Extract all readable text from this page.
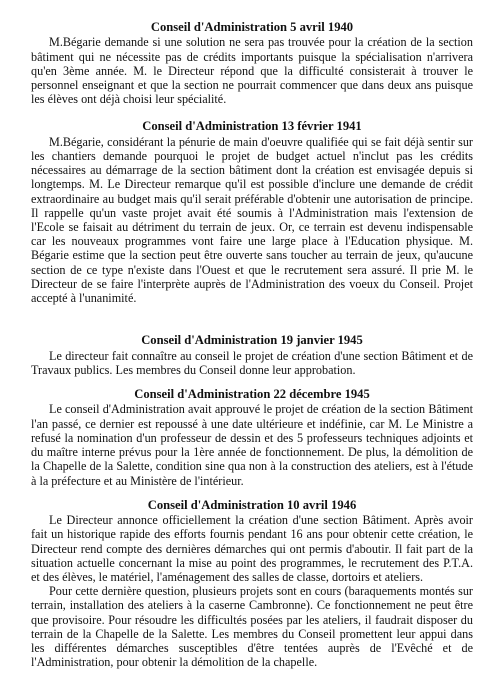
Conseil d'Administration 5 avril 1940

M.Bégarie demande si une solution ne sera pas trouvée pour la création de la section bâtiment qui ne nécessite pas de crédits importants puisque la spécialisation n'arrivera qu'en 3ème année. M. le Directeur répond que la difficulté consisterait à trouver le personnel enseignant et que la section ne pourrait commencer que dans deux ans puisque les élèves ont déjà choisi leur spécialité.

Conseil d'Administration 13 février 1941

M.Bégarie, considérant la pénurie de main d'oeuvre qualifiée qui se fait déjà sentir sur les chantiers demande pourquoi le projet de budget actuel n'inclut pas les crédits nécessaires au démarrage de la section bâtiment dont la création est envisagée depuis si longtemps. M. Le Directeur remarque qu'il est possible d'inclure une demande de crédit extraordinaire au budget mais qu'il serait préférable d'obtenir une autorisation de principe. Il rappelle qu'un vaste projet avait été soumis à l'Administration mais l'extension de l'Ecole se faisait au détriment du terrain de jeux. Or, ce terrain est devenu indispensable car les nouveaux programmes vont faire une large place à l'Education physique. M. Bégarie estime que la section peut être ouverte sans toucher au terrain de jeux, qu'aucune section de ce type n'existe dans l'Ouest et que le recrutement sera assuré. Il prie M. le Directeur de se faire l'interprète auprès de l'Administration des voeux du Conseil. Projet accepté à l'unanimité.

Conseil d'Administration 19 janvier 1945

Le directeur fait connaître au conseil le projet de création d'une section Bâtiment et de Travaux publics. Les membres du Conseil donne leur approbation.

Conseil d'Administration 22 décembre 1945

Le conseil d'Administration avait approuvé le projet de création de la section Bâtiment l'an passé, ce dernier est repoussé à une date ultérieure et indéfinie, car M. Le Ministre a refusé la nomination d'un professeur de dessin et des 5 professeurs techniques adjoints et du maître interne prévus pour la 1ère année de fonctionnement. De plus, la démolition de la Chapelle de la Salette, condition sine qua non à la construction des ateliers, est à l'étude à la préfecture et au Ministère de l'intérieur.

Conseil d'Administration 10 avril 1946

Le Directeur annonce officiellement la création d'une section Bâtiment. Après avoir fait un historique rapide des efforts fournis pendant 16 ans pour obtenir cette création, le Directeur rend compte des dernières démarches qui ont permis d'aboutir. Il fait part de la situation actuelle concernant la mise au point des programmes, le recrutement des P.T.A. et des élèves, le matériel, l'aménagement des salles de classe, dortoirs et ateliers.

Pour cette dernière question, plusieurs projets sont en cours (baraquements montés sur terrain, installation des ateliers à la caserne Cambronne). Ce fonctionnement ne peut être que provisoire. Pour résoudre les difficultés posées par les ateliers, il faudrait disposer du terrain de la Chapelle de la Salette. Les membres du Conseil promettent leur appui dans les différentes démarches susceptibles d'être tentées auprès de l'Evêché et de l'Administration, pour obtenir la démolition de la chapelle.
